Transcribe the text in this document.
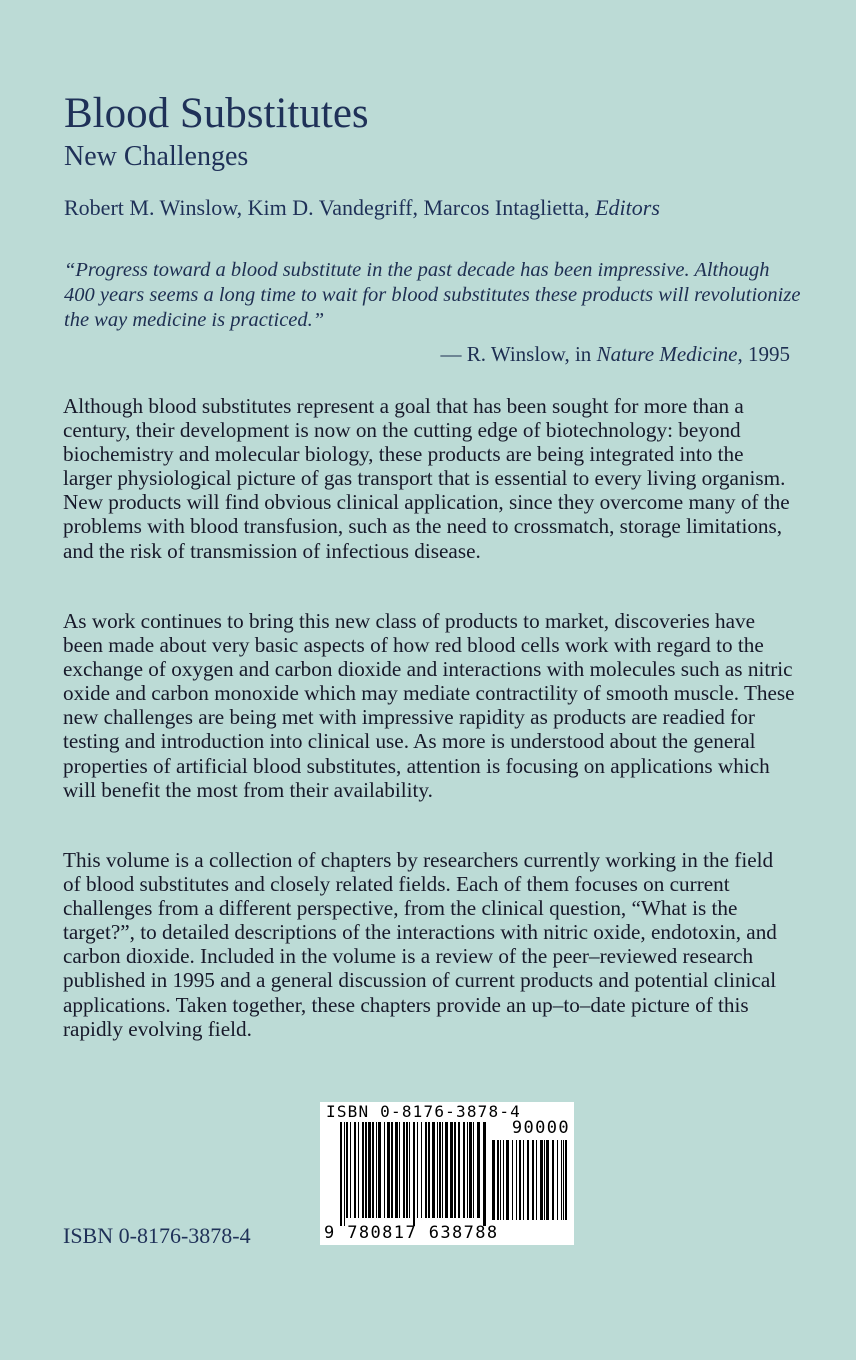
Blood Substitutes
New Challenges
Robert M. Winslow, Kim D. Vandegriff, Marcos Intaglietta, Editors
“Progress toward a blood substitute in the past decade has been impressive. Although 400 years seems a long time to wait for blood substitutes these products will revolutionize the way medicine is practiced.”
— R. Winslow, in Nature Medicine, 1995

Although blood substitutes represent a goal that has been sought for more than a century, their development is now on the cutting edge of biotechnology: beyond biochemistry and molecular biology, these products are being integrated into the larger physiological picture of gas transport that is essential to every living organism. New products will find obvious clinical application, since they overcome many of the problems with blood transfusion, such as the need to crossmatch, storage limitations, and the risk of transmission of infectious disease.

As work continues to bring this new class of products to market, discoveries have been made about very basic aspects of how red blood cells work with regard to the exchange of oxygen and carbon dioxide and interactions with molecules such as nitric oxide and carbon monoxide which may mediate contractility of smooth muscle. These new challenges are being met with impressive rapidity as products are readied for testing and introduction into clinical use. As more is understood about the general properties of artificial blood substitutes, attention is focusing on applications which will benefit the most from their availability.

This volume is a collection of chapters by researchers currently working in the field of blood substitutes and closely related fields. Each of them focuses on current challenges from a different perspective, from the clinical question, “What is the target?”, to detailed descriptions of the interactions with nitric oxide, endotoxin, and carbon dioxide. Included in the volume is a review of the peer–reviewed research published in 1995 and a general discussion of current products and potential clinical applications. Taken together, these chapters provide an up–to–date picture of this rapidly evolving field.

ISBN 0-8176-3878-4
90000
9 780817 638788
ISBN 0-8176-3878-4
